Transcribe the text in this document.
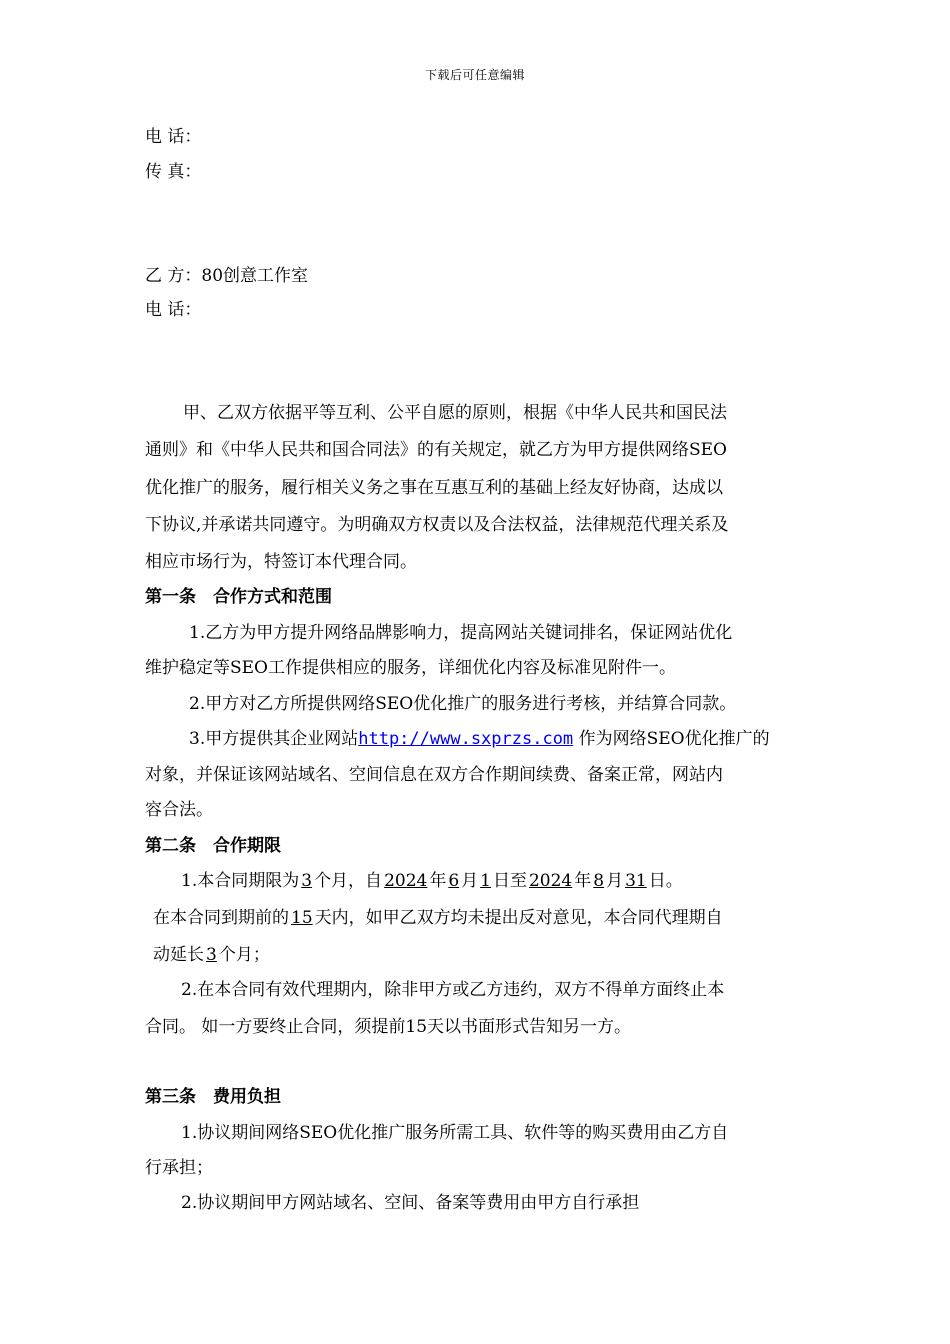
下载后可任意编辑
电 话：
传 真：
乙 方：80创意工作室
电 话：
甲、乙双方依据平等互利、公平自愿的原则，根据《中华人民共和国民法
通则》和《中华人民共和国合同法》的有关规定，就乙方为甲方提供网络SEO
优化推广的服务，履行相关义务之事在互惠互利的基础上经友好协商，达成以
下协议,并承诺共同遵守。为明确双方权责以及合法权益，法律规范代理关系及
相应市场行为，特签订本代理合同。
第一条　合作方式和范围
1.乙方为甲方提升网络品牌影响力，提高网站关键词排名，保证网站优化
维护稳定等SEO工作提供相应的服务，详细优化内容及标准见附件一。
2.甲方对乙方所提供网络SEO优化推广的服务进行考核，并结算合同款。
3.甲方提供其企业网站http://www.sxprzs.com 作为网络SEO优化推广的
对象，并保证该网站域名、空间信息在双方合作期间续费、备案正常，网站内
容合法。
第二条　合作期限
1.本合同期限为 3 个月，自 2024 年 6 月 1 日至 2024 年 8 月 31 日。
在本合同到期前的 15 天内，如甲乙双方均未提出反对意见，本合同代理期自
动延长 3 个月；
2.在本合同有效代理期内，除非甲方或乙方违约，双方不得单方面终止本
合同。 如一方要终止合同，须提前15天以书面形式告知另一方。
第三条　费用负担
1.协议期间网络SEO优化推广服务所需工具、软件等的购买费用由乙方自
行承担；
2.协议期间甲方网站域名、空间、备案等费用由甲方自行承担
